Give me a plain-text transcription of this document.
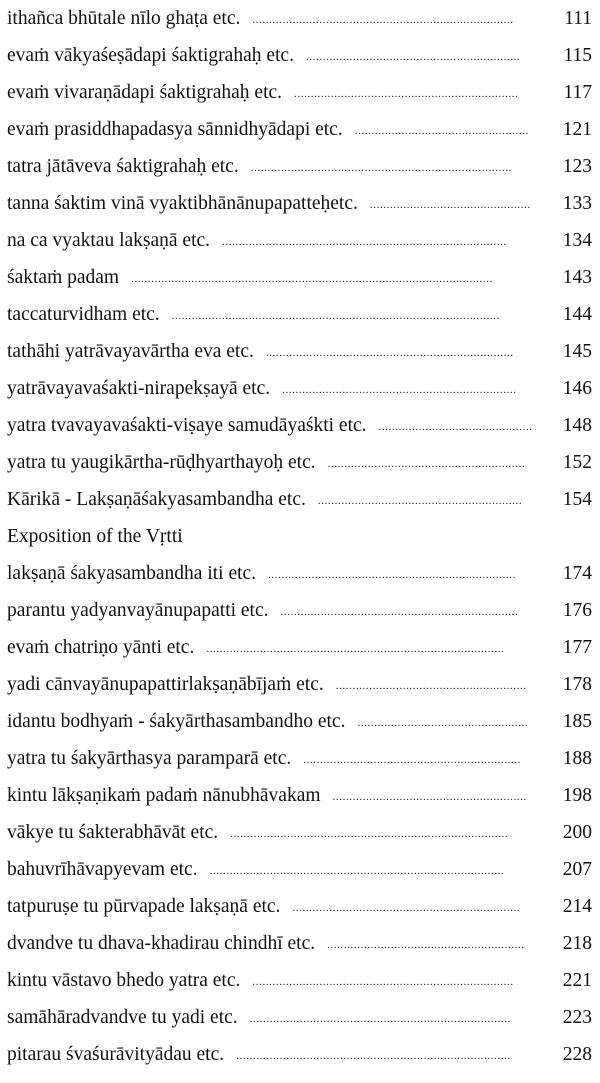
ithañca bhūtale nīlo ghaṭa etc. ..............................................................................	111
evaṁ vākyaśeṣādapi śaktigrahaḥ etc. ................................................................	115
evaṁ vivaraṇādapi śaktigrahaḥ etc. ...................................................................	117
evaṁ prasiddhapadasya sānnidhyādapi etc. ....................................................	121
tatra jātāveva śaktigrahaḥ etc. ..............................................................................	123
tanna śaktim vinā vyaktibhānānupapatteḥetc. ................................................	133
na ca vyaktau lakṣaṇā etc. .....................................................................................	134
śaktaṁ padam ............................................................................................................	143
taccaturvidham etc. ..................................................................................................	144
tathāhi yatrāvayavārtha eva etc. ..........................................................................	145
yatrāvayavaśakti-nirapekṣayā etc. ......................................................................	146
yatra tvavayavaśakti-viṣaye samudāyaśkti etc. ..............................................	148
yatra tu yaugikārtha-rūḍhyarthayoḥ etc. ...........................................................	152
Kārikā - Lakṣaṇāśakyasambandha etc. .............................................................	154
Exposition of the Vṛtti
lakṣaṇā śakyasambandha iti etc. ..........................................................................	174
parantu yadyanvayānupapatti etc. .......................................................................	176
evaṁ chatriṇo yānti etc. .........................................................................................	177
yadi cānvayānupapattirlakṣaṇābījaṁ etc. .........................................................	178
idantu bodhyaṁ - śakyārthasambandho etc. ...................................................	185
yatra tu śakyārthasya paramparā etc. .................................................................	188
kintu lākṣaṇikaṁ padaṁ nānubhāvakam ..........................................................	198
vākye tu śakterabhāvāt etc. ...................................................................................	200
bahuvrīhāvapyevam etc. ........................................................................................	207
tatpuruṣe tu pūrvapade lakṣaṇā etc. ....................................................................	214
dvandve tu dhava-khadirau chindhī etc. ...........................................................	218
kintu vāstavo bhedo yatra etc. ..............................................................................	221
samāhāradvandve tu yadi etc. ..............................................................................	223
pitarau śvaśurāvityādau etc. ..................................................................................	228
